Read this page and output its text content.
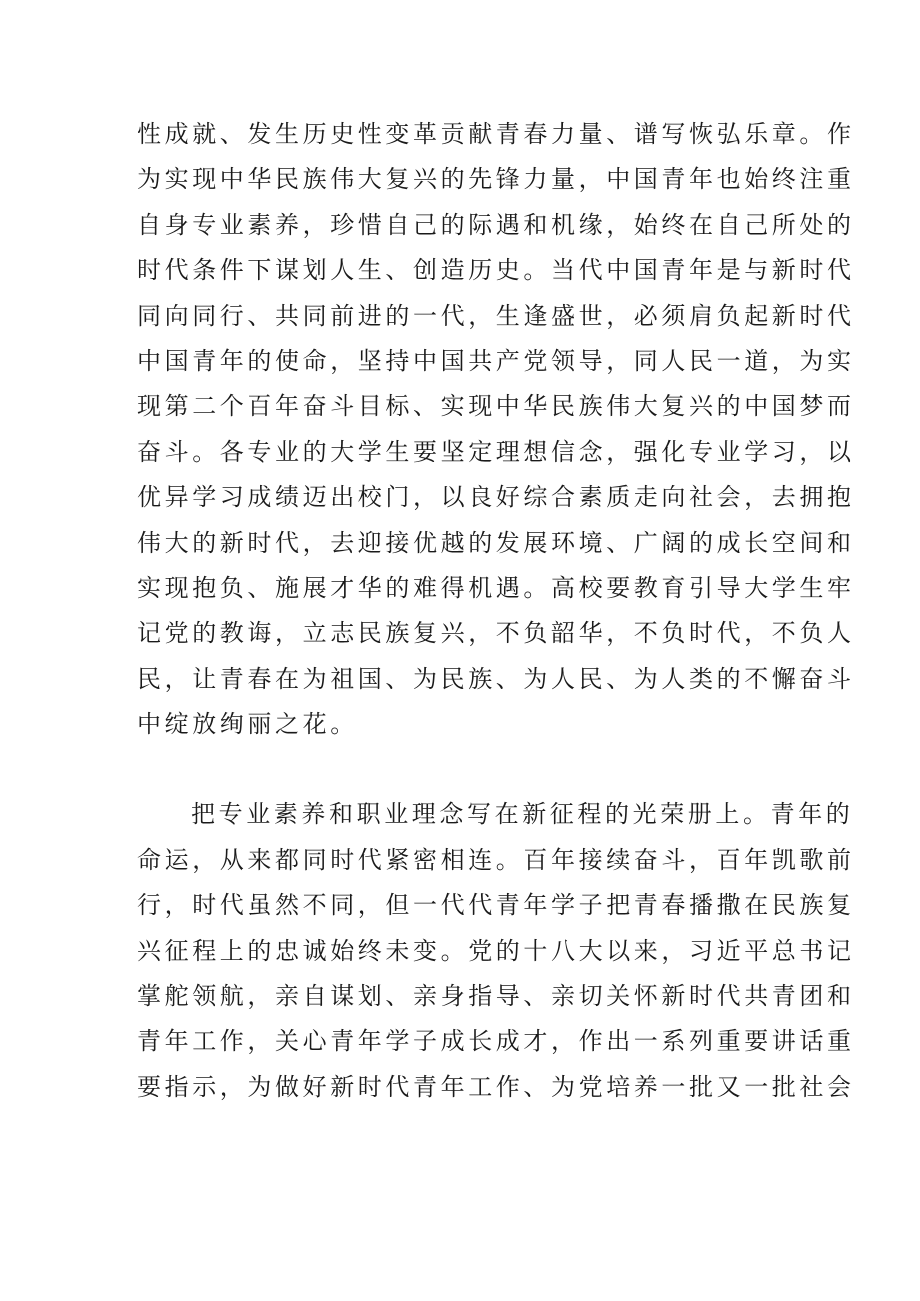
性成就、发生历史性变革贡献青春力量、谱写恢弘乐章。作
为实现中华民族伟大复兴的先锋力量，中国青年也始终注重
自身专业素养，珍惜自己的际遇和机缘，始终在自己所处的
时代条件下谋划人生、创造历史。当代中国青年是与新时代
同向同行、共同前进的一代，生逢盛世，必须肩负起新时代
中国青年的使命，坚持中国共产党领导，同人民一道，为实
现第二个百年奋斗目标、实现中华民族伟大复兴的中国梦而
奋斗。各专业的大学生要坚定理想信念，强化专业学习，以
优异学习成绩迈出校门，以良好综合素质走向社会，去拥抱
伟大的新时代，去迎接优越的发展环境、广阔的成长空间和
实现抱负、施展才华的难得机遇。高校要教育引导大学生牢
记党的教诲，立志民族复兴，不负韶华，不负时代，不负人
民，让青春在为祖国、为民族、为人民、为人类的不懈奋斗
中绽放绚丽之花。
把专业素养和职业理念写在新征程的光荣册上。青年的
命运，从来都同时代紧密相连。百年接续奋斗，百年凯歌前
行，时代虽然不同，但一代代青年学子把青春播撒在民族复
兴征程上的忠诚始终未变。党的十八大以来，习近平总书记
掌舵领航，亲自谋划、亲身指导、亲切关怀新时代共青团和
青年工作，关心青年学子成长成才，作出一系列重要讲话重
要指示，为做好新时代青年工作、为党培养一批又一批社会
